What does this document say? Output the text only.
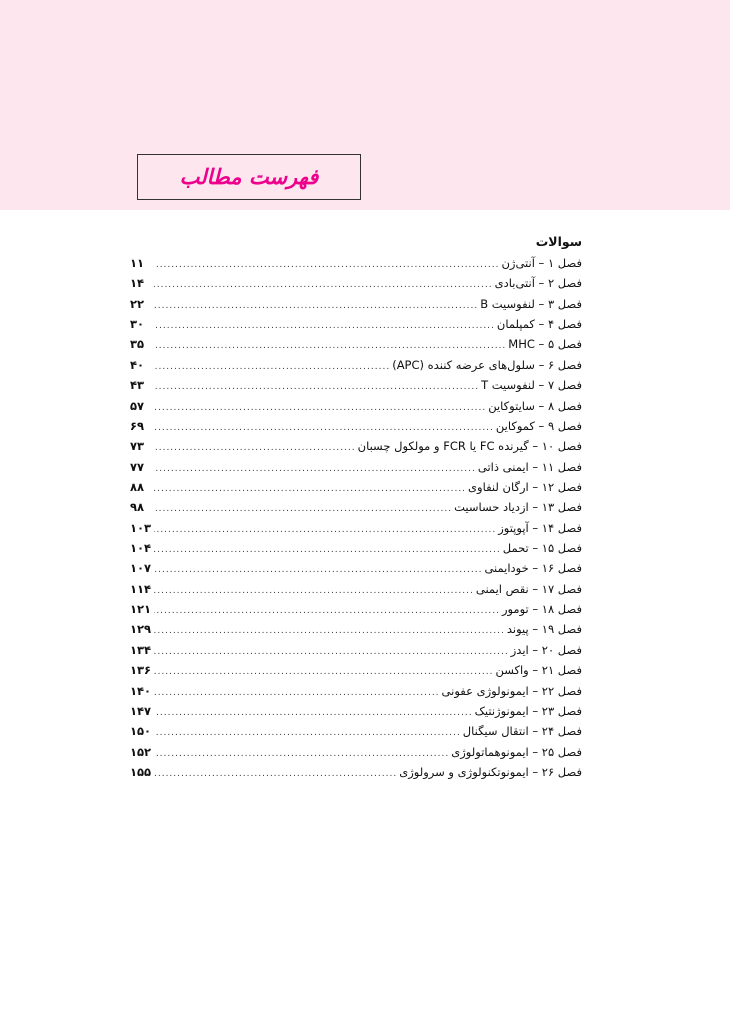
فهرست مطالب
سوالات
فصل ۱ – آنتی‌ژن
.....
۱۱
فصل ۲ – آنتی‌بادی
.....
۱۴
فصل ۳ – لنفوسیت B
.....
۲۲
فصل ۴ – کمپلمان
.....
۳۰
فصل ۵ – MHC
.....
۳۵
فصل ۶ – سلول‌های عرضه کننده (APC)
.....
۴۰
فصل ۷ – لنفوسیت T
.....
۴۳
فصل ۸ – سایتوکاین
.....
۵۷
فصل ۹ – کموکاین
.....
۶۹
فصل ۱۰ – گیرنده FC یا FCR و مولکول چسبان
.....
۷۳
فصل ۱۱ – ایمنی ذاتی
.....
۷۷
فصل ۱۲ – ارگان لنفاوی
.....
۸۸
فصل ۱۳ – ازدیاد حساسیت
.....
۹۸
فصل ۱۴ – آپوپتوز
.....
۱۰۳
فصل ۱۵ – تحمل
.....
۱۰۴
فصل ۱۶ – خودایمنی
.....
۱۰۷
فصل ۱۷ – نقص ایمنی
.....
۱۱۴
فصل ۱۸ – تومور
.....
۱۲۱
فصل ۱۹ – پیوند
.....
۱۲۹
فصل ۲۰ – ایدز
.....
۱۳۴
فصل ۲۱ – واکسن
.....
۱۳۶
فصل ۲۲ – ایمونولوژی عفونی
.....
۱۴۰
فصل ۲۳ – ایمونوژنتیک
.....
۱۴۷
فصل ۲۴ – انتقال سیگنال
.....
۱۵۰
فصل ۲۵ – ایمونوهماتولوژی
.....
۱۵۲
فصل ۲۶ – ایمونوتکنولوژی و سرولوژی
.....
۱۵۵
